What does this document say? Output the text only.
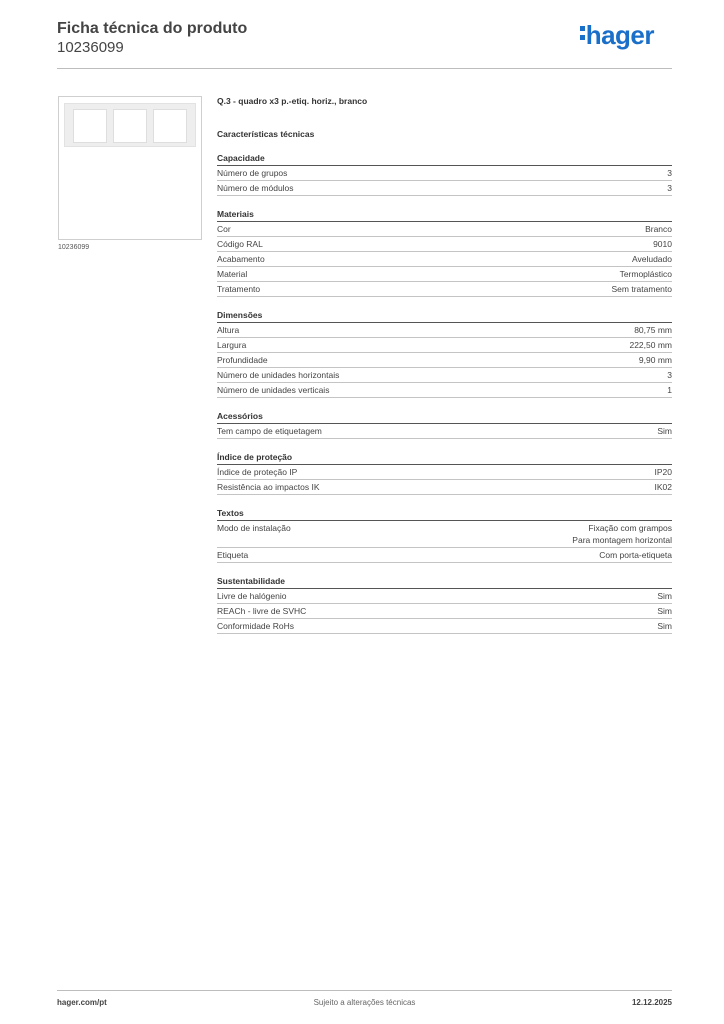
Ficha técnica do produto
10236099	hager
10236099
Q.3 - quadro x3 p.-etiq. horiz., branco
Características técnicas
Capacidade
Número de grupos	3
Número de módulos	3
Materiais
Cor	Branco
Código RAL	9010
Acabamento	Aveludado
Material	Termoplástico
Tratamento	Sem tratamento
Dimensões
Altura	80,75 mm
Largura	222,50 mm
Profundidade	9,90 mm
Número de unidades horizontais	3
Número de unidades verticais	1
Acessórios
Tem campo de etiquetagem	Sim
Índice de proteção
Índice de proteção IP	IP20
Resistência ao impactos IK	IK02
Textos
Modo de instalação	Fixação com grampos
Para montagem horizontal
Etiqueta	Com porta-etiqueta
Sustentabilidade
Livre de halógenio	Sim
REACh - livre de SVHC	Sim
Conformidade RoHs	Sim
hager.com/pt	Sujeito a alterações técnicas	12.12.2025
